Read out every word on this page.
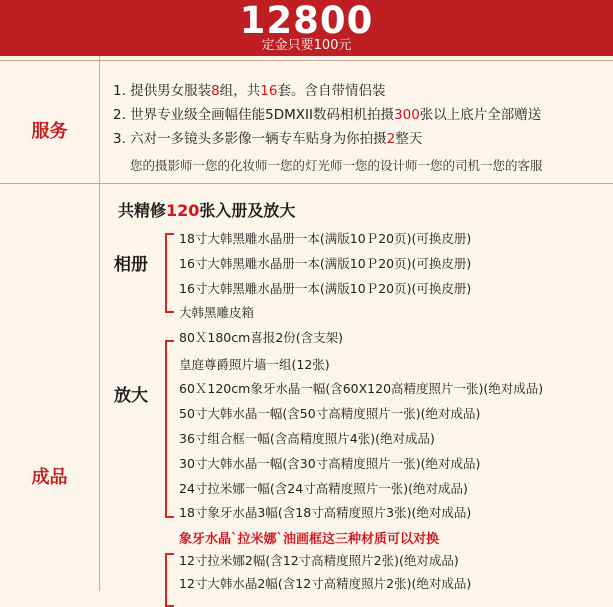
12800
定金只要100元
服务
1. 提供男女服装8组，共16套。含自带情侣装
2. 世界专业级全画幅佳能5DMXII数码相机拍摄300张以上底片全部赠送
3. 六对一多镜头多影像一辆专车贴身为你拍摄2整天
您的摄影师一您的化妆师一您的灯光师一您的设计师一您的司机一您的客服
成品
共精修120张入册及放大
相册
18寸大韩黑雕水晶册一本(满版10Ｐ20页)(可换皮册)
16寸大韩黑雕水晶册一本(满版10Ｐ20页)(可换皮册)
16寸大韩黑雕水晶册一本(满版10Ｐ20页)(可换皮册)
大韩黑雕皮箱
放大
80Ｘ180cm喜报2份(含支架)
皇庭尊爵照片墙一组(12张)
60Ｘ120cm象牙水晶一幅(含60X120高精度照片一张)(绝对成品)
50寸大韩水晶一幅(含50寸高精度照片一张)(绝对成品)
36寸组合框一幅(含高精度照片4张)(绝对成品)
30寸大韩水晶一幅(含30寸高精度照片一张)(绝对成品)
24寸拉米娜一幅(含24寸高精度照片一张)(绝对成品)
18寸象牙水晶3幅(含18寸高精度照片3张)(绝对成品)
象牙水晶`拉米娜`油画框这三种材质可以对换
12寸拉米娜2幅(含12寸高精度照片2张)(绝对成品)
12寸大韩水晶2幅(含12寸高精度照片2张)(绝对成品)
